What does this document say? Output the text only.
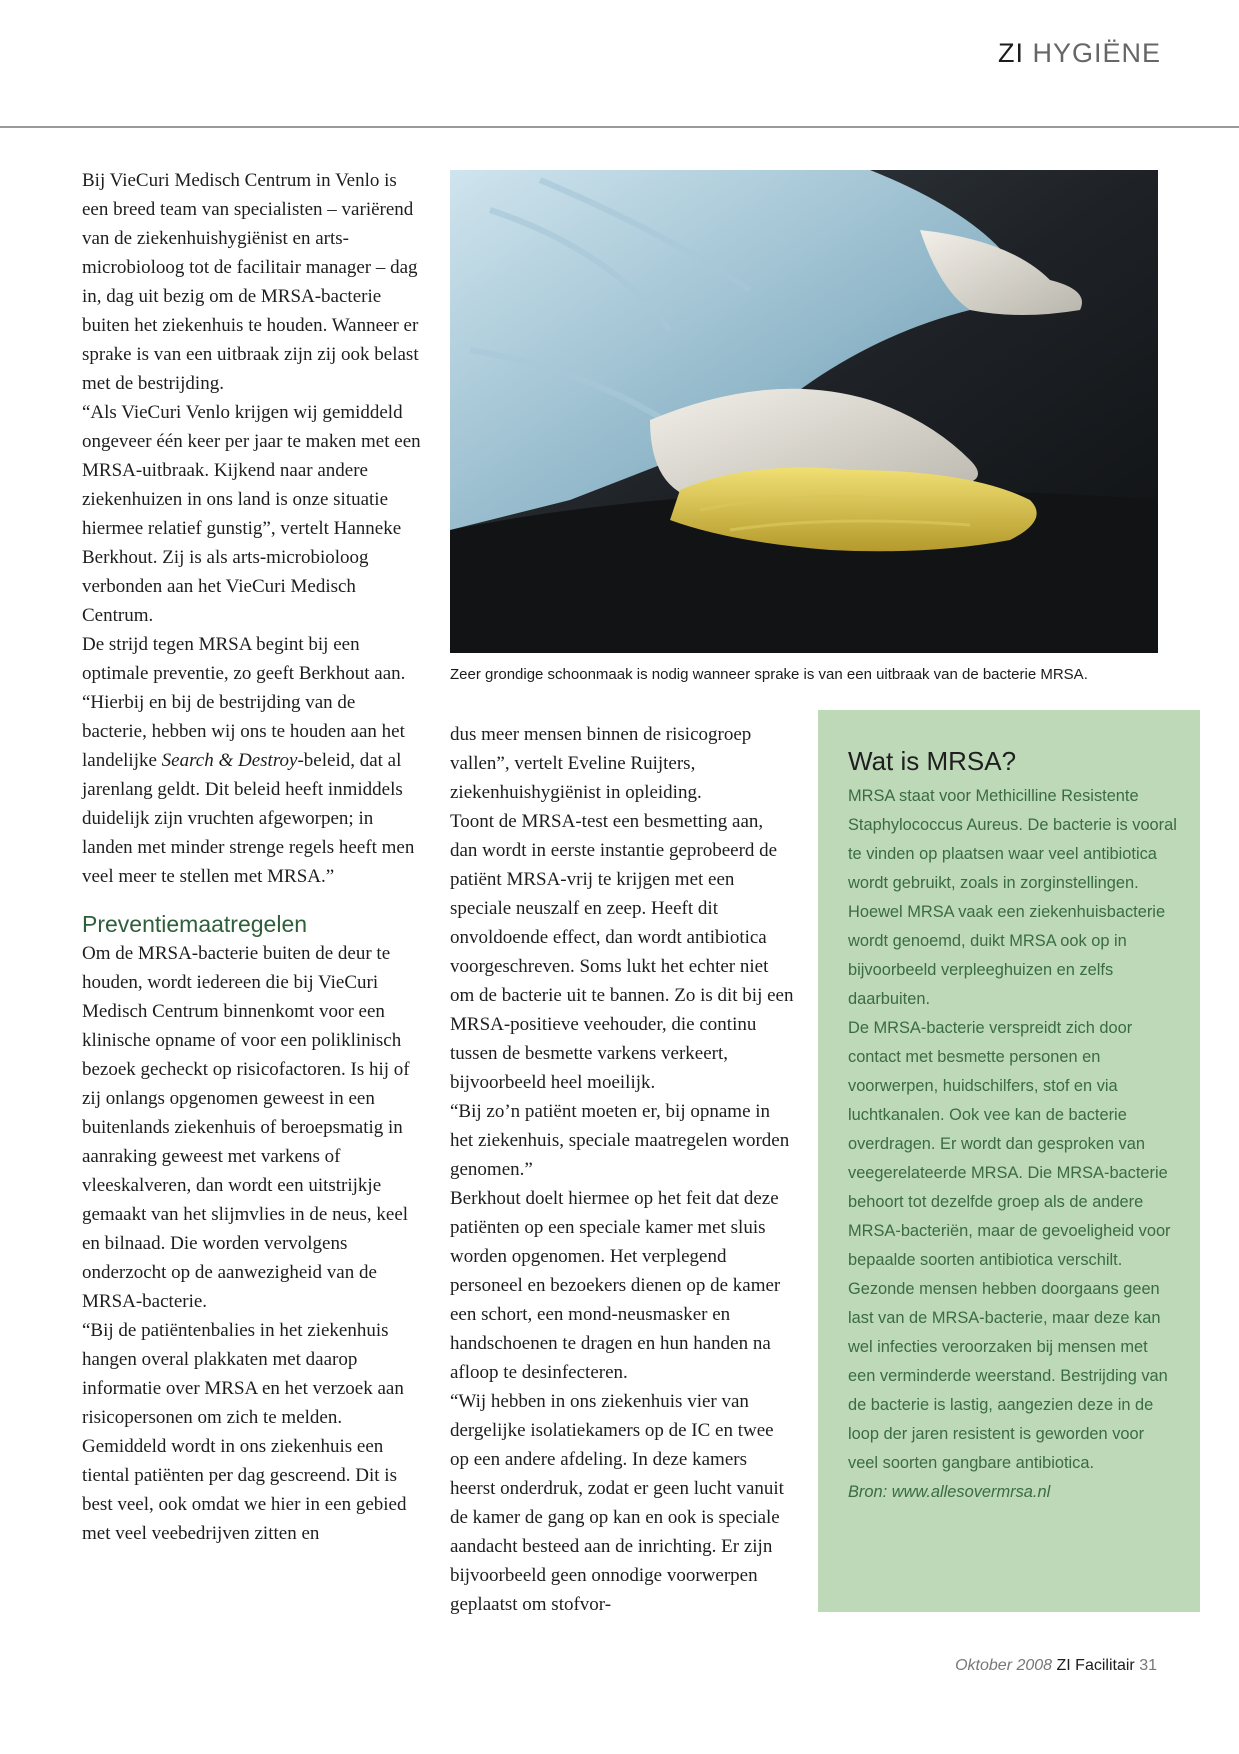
ZI HYGIËNE

Bij VieCuri Medisch Centrum in Venlo is een breed team van specialisten – variërend van de ziekenhuishygiënist en arts-microbioloog tot de facilitair manager – dag in, dag uit bezig om de MRSA-bacterie buiten het ziekenhuis te houden. Wanneer er sprake is van een uitbraak zijn zij ook belast met de bestrijding.

“Als VieCuri Venlo krijgen wij gemiddeld ongeveer één keer per jaar te maken met een MRSA-uitbraak. Kijkend naar andere ziekenhuizen in ons land is onze situatie hiermee relatief gunstig”, vertelt Hanneke Berkhout. Zij is als arts-microbioloog verbonden aan het VieCuri Medisch Centrum.

De strijd tegen MRSA begint bij een optimale preventie, zo geeft Berkhout aan. “Hierbij en bij de bestrijding van de bacterie, hebben wij ons te houden aan het landelijke Search & Destroy-beleid, dat al jarenlang geldt. Dit beleid heeft inmiddels duidelijk zijn vruchten afgeworpen; in landen met minder strenge regels heeft men veel meer te stellen met MRSA.”

Preventiemaatregelen

Om de MRSA-bacterie buiten de deur te houden, wordt iedereen die bij VieCuri Medisch Centrum binnenkomt voor een klinische opname of voor een poliklinisch bezoek gecheckt op risicofactoren. Is hij of zij onlangs opgenomen geweest in een buitenlands ziekenhuis of beroepsmatig in aanraking geweest met varkens of vleeskalveren, dan wordt een uitstrijkje gemaakt van het slijmvlies in de neus, keel en bilnaad. Die worden vervolgens onderzocht op de aanwezigheid van de MRSA-bacterie.

“Bij de patiëntenbalies in het ziekenhuis hangen overal plakkaten met daarop informatie over MRSA en het verzoek aan risicopersonen om zich te melden. Gemiddeld wordt in ons ziekenhuis een tiental patiënten per dag gescreend. Dit is best veel, ook omdat we hier in een gebied met veel veebedrijven zitten en

Zeer grondige schoonmaak is nodig wanneer sprake is van een uitbraak van de bacterie MRSA.

dus meer mensen binnen de risicogroep vallen”, vertelt Eveline Ruijters, ziekenhuishygiënist in opleiding.

Toont de MRSA-test een besmetting aan, dan wordt in eerste instantie geprobeerd de patiënt MRSA-vrij te krijgen met een speciale neuszalf en zeep. Heeft dit onvoldoende effect, dan wordt antibiotica voorgeschreven. Soms lukt het echter niet om de bacterie uit te bannen. Zo is dit bij een MRSA-positieve veehouder, die continu tussen de besmette varkens verkeert, bijvoorbeeld heel moeilijk.

“Bij zo’n patiënt moeten er, bij opname in het ziekenhuis, speciale maatregelen worden genomen.”

Berkhout doelt hiermee op het feit dat deze patiënten op een speciale kamer met sluis worden opgenomen. Het verplegend personeel en bezoekers dienen op de kamer een schort, een mond-neusmasker en handschoenen te dragen en hun handen na afloop te desinfecteren.

“Wij hebben in ons ziekenhuis vier van dergelijke isolatiekamers op de IC en twee op een andere afdeling. In deze kamers heerst onderdruk, zodat er geen lucht vanuit de kamer de gang op kan en ook is speciale aandacht besteed aan de inrichting. Er zijn bijvoorbeeld geen onnodige voorwerpen geplaatst om stofvor-

Wat is MRSA?

MRSA staat voor Methicilline Resistente Staphylococcus Aureus. De bacterie is vooral te vinden op plaatsen waar veel antibiotica wordt gebruikt, zoals in zorginstellingen. Hoewel MRSA vaak een ziekenhuisbacterie wordt genoemd, duikt MRSA ook op in bijvoorbeeld verpleeghuizen en zelfs daarbuiten.

De MRSA-bacterie verspreidt zich door contact met besmette personen en voorwerpen, huidschilfers, stof en via luchtkanalen. Ook vee kan de bacterie overdragen. Er wordt dan gesproken van veegerelateerde MRSA. Die MRSA-bacterie behoort tot dezelfde groep als de andere MRSA-bacteriën, maar de gevoeligheid voor bepaalde soorten antibiotica verschilt.

Gezonde mensen hebben doorgaans geen last van de MRSA-bacterie, maar deze kan wel infecties veroorzaken bij mensen met een verminderde weerstand. Bestrijding van de bacterie is lastig, aangezien deze in de loop der jaren resistent is geworden voor veel soorten gangbare antibiotica.

Bron: www.allesovermrsa.nl
Oktober 2008 ZI Facilitair 31
